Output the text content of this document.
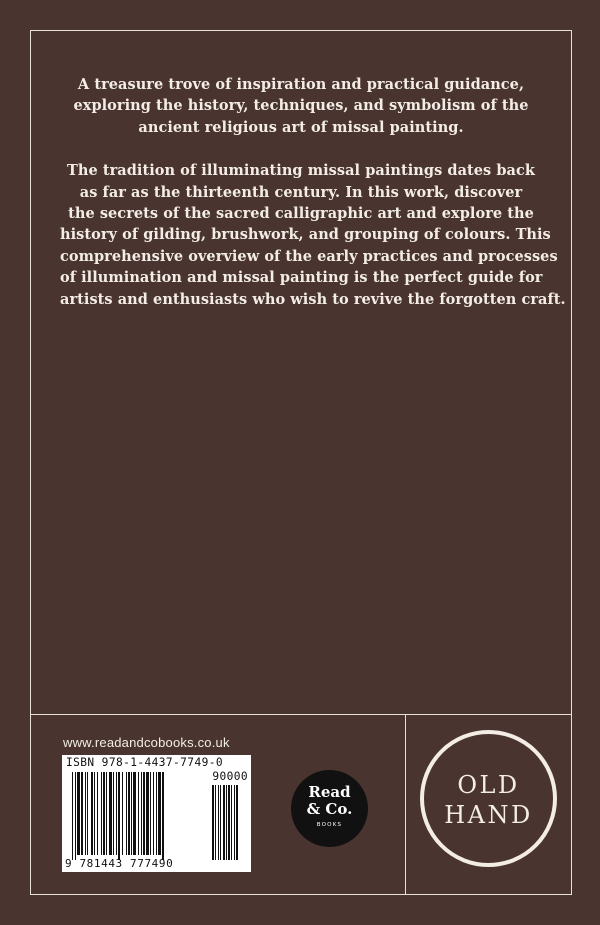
A treasure trove of inspiration and practical guidance,
exploring the history, techniques, and symbolism of the
ancient religious art of missal painting.

The tradition of illuminating missal paintings dates back
as far as the thirteenth century. In this work, discover
the secrets of the sacred calligraphic art and explore the
history of gilding, brushwork, and grouping of colours. This
comprehensive overview of the early practices and processes
of illumination and missal painting is the perfect guide for
artists and enthusiasts who wish to revive the forgotten craft.

www.readandcobooks.co.uk
ISBN 978-1-4437-7749-0
90000
9 781443 777490
Read
& Co.
BOOKS
OLD
HAND
